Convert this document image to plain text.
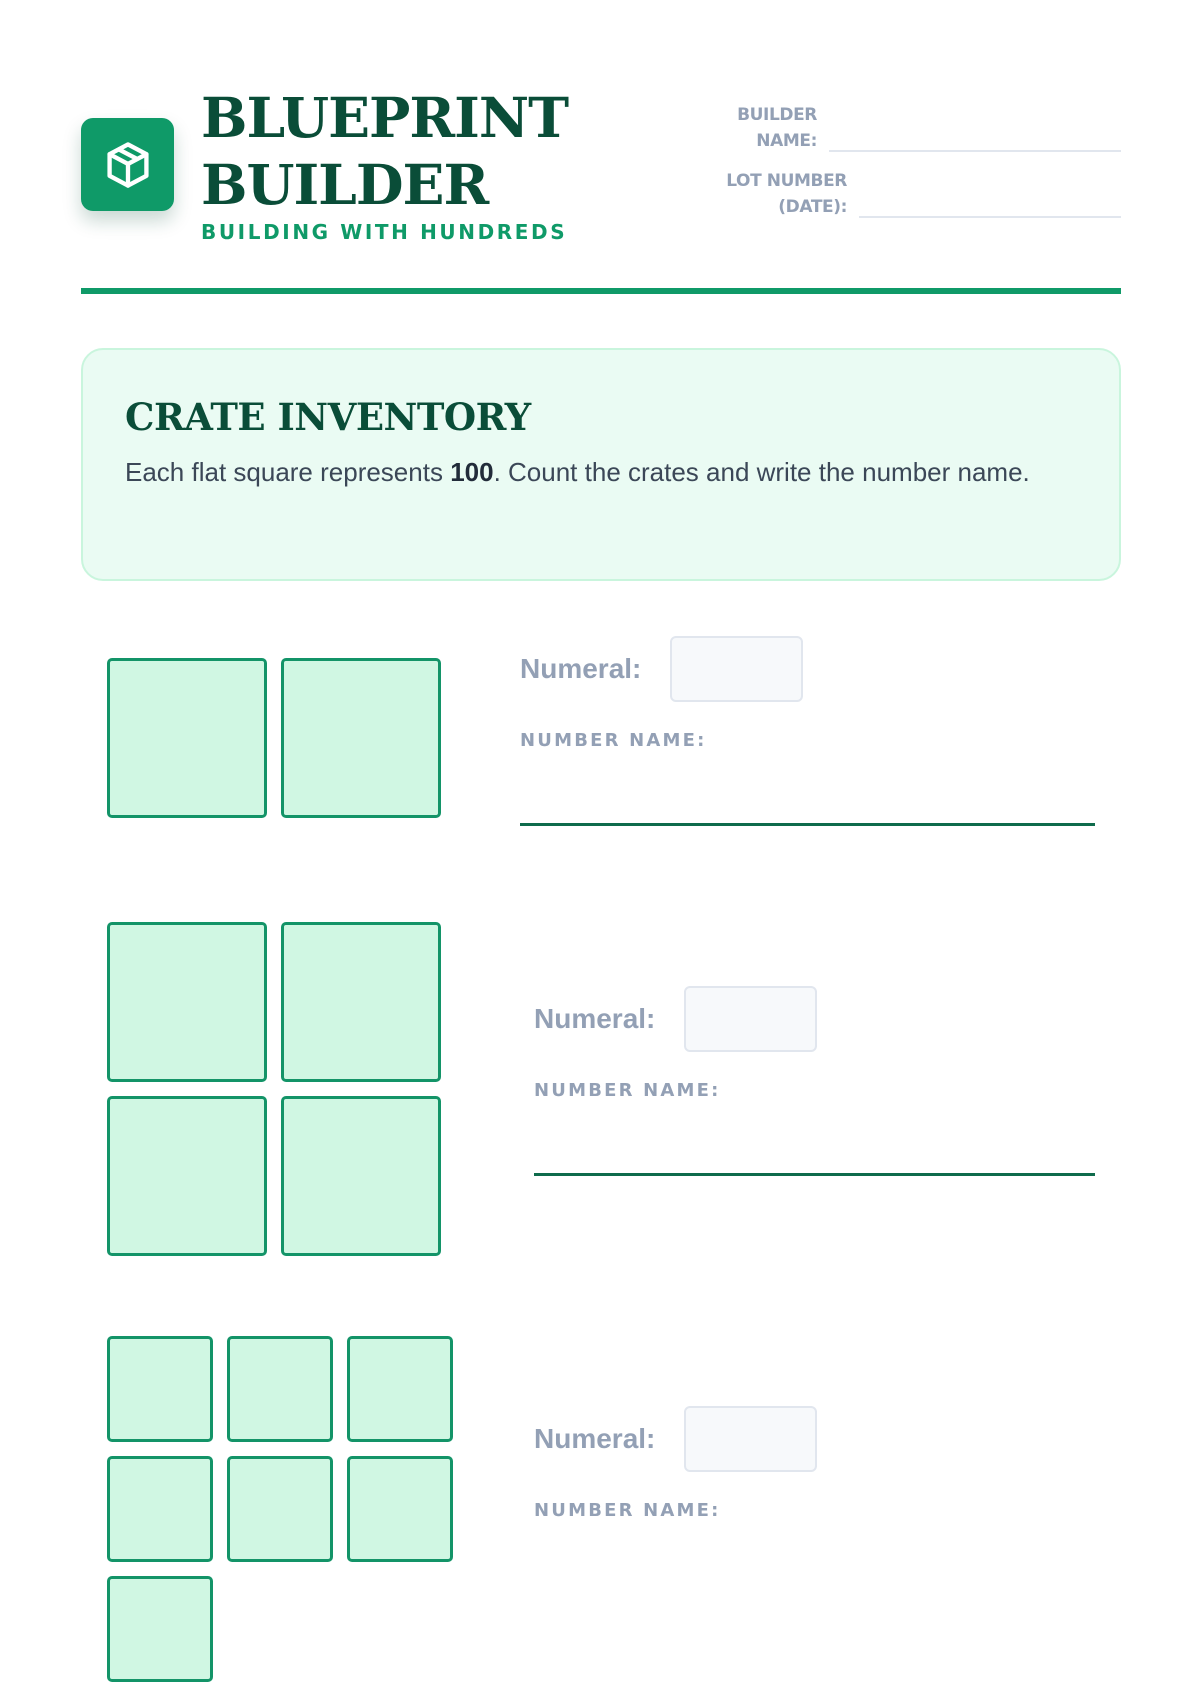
BLUEPRINT BUILDER
BUILDING WITH HUNDREDS
BUILDER NAME:
LOT NUMBER (DATE):
CRATE INVENTORY
Each flat square represents 100. Count the crates and write the number name.
Numeral:
NUMBER NAME:
Numeral:
NUMBER NAME:
Numeral:
NUMBER NAME:
